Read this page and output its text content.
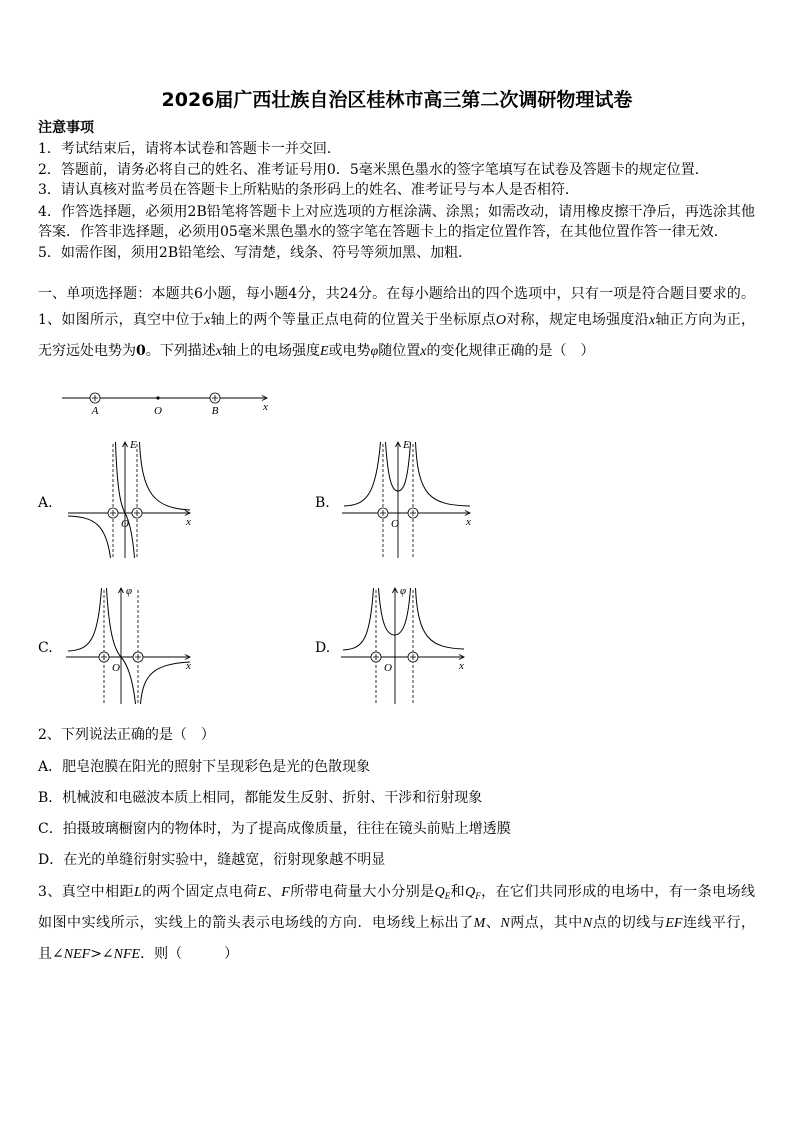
2026届广西壮族自治区桂林市高三第二次调研物理试卷
注意事项
1．考试结束后，请将本试卷和答题卡一并交回．
2．答题前，请务必将自己的姓名、准考证号用0．5毫米黑色墨水的签字笔填写在试卷及答题卡的规定位置．
3．请认真核对监考员在答题卡上所粘贴的条形码上的姓名、准考证号与本人是否相符．
4．作答选择题，必须用2B铅笔将答题卡上对应选项的方框涂满、涂黑；如需改动，请用橡皮擦干净后，再选涂其他
答案．作答非选择题，必须用05毫米黑色墨水的签字笔在答题卡上的指定位置作答，在其他位置作答一律无效．
5．如需作图，须用2B铅笔绘、写清楚，线条、符号等须加黑、加粗．
一、单项选择题：本题共6小题，每小题4分，共24分。在每小题给出的四个选项中，只有一项是符合题目要求的。
1、如图所示，真空中位于x轴上的两个等量正点电荷的位置关于坐标原点O对称，规定电场强度沿x轴正方向为正，
无穷远处电势为0。下列描述x轴上的电场强度E或电势φ随位置x的变化规律正确的是（　）
x
A	O	B
A.
E
O	x
B.
E
O	x
C.
φ
O	x
D.
φ
O	x
2、下列说法正确的是（　）
A．肥皂泡膜在阳光的照射下呈现彩色是光的色散现象
B．机械波和电磁波本质上相同，都能发生反射、折射、干涉和衍射现象
C．拍摄玻璃橱窗内的物体时，为了提高成像质量，往往在镜头前贴上增透膜
D．在光的单缝衍射实验中，缝越宽，衍射现象越不明显
3、真空中相距L的两个固定点电荷E、F所带电荷量大小分别是$Q_E$和$Q_F$，在它们共同形成的电场中，有一条电场线
如图中实线所示，实线上的箭头表示电场线的方向．电场线上标出了M、N两点，其中N点的切线与EF连线平行，
且∠NEF>∠NFE．则（　　　）
